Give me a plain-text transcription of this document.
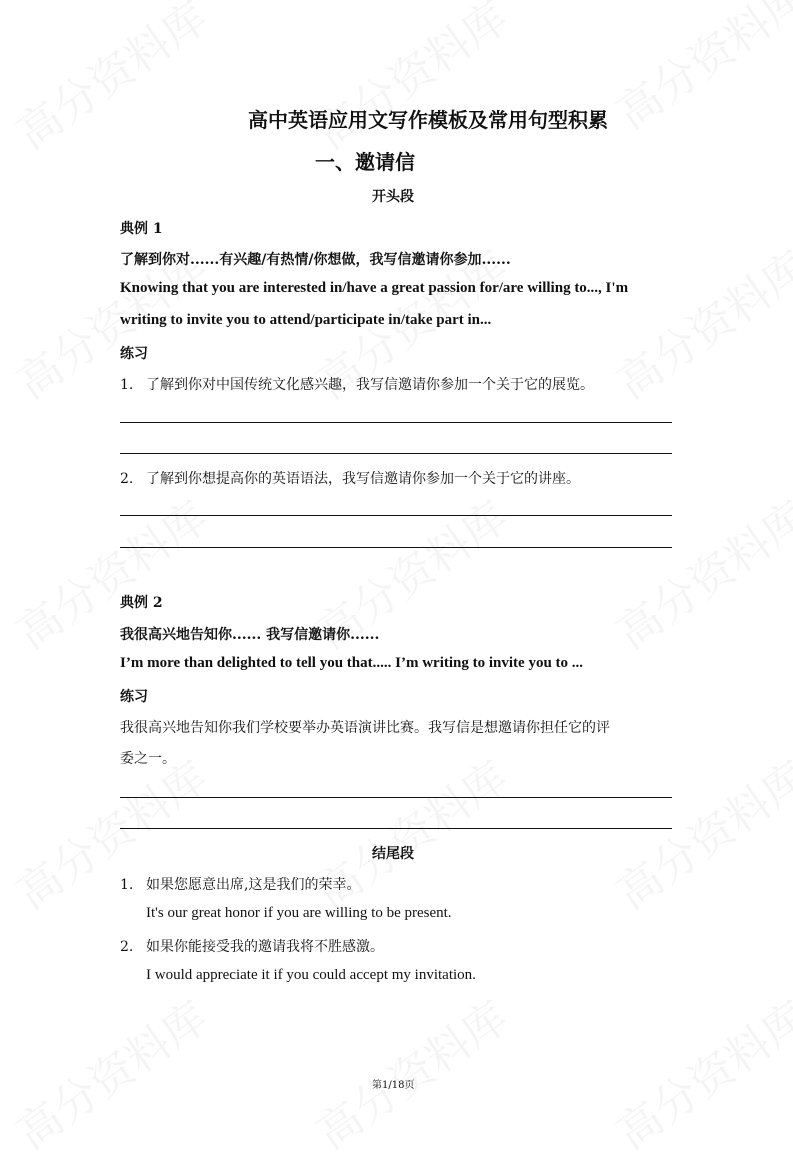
高中英语应用文写作模板及常用句型积累
一、邀请信
开头段
典例 1
了解到你对......有兴趣/有热情/你想做，我写信邀请你参加......
Knowing that you are interested in/have a great passion for/are willing to..., I'm
writing to invite you to attend/participate in/take part in...
练习
1. 了解到你对中国传统文化感兴趣，我写信邀请你参加一个关于它的展览。
2. 了解到你想提高你的英语语法，我写信邀请你参加一个关于它的讲座。
典例 2
我很高兴地告知你...... 我写信邀请你......
I’m more than delighted to tell you that..... I’m writing to invite you to ...
练习
我很高兴地告知你我们学校要举办英语演讲比赛。我写信是想邀请你担任它的评
委之一。
结尾段
1. 如果您愿意出席,这是我们的荣幸。
It's our great honor if you are willing to be present.
2. 如果你能接受我的邀请我将不胜感激。
I would appreciate it if you could accept my invitation.
第1/18页
